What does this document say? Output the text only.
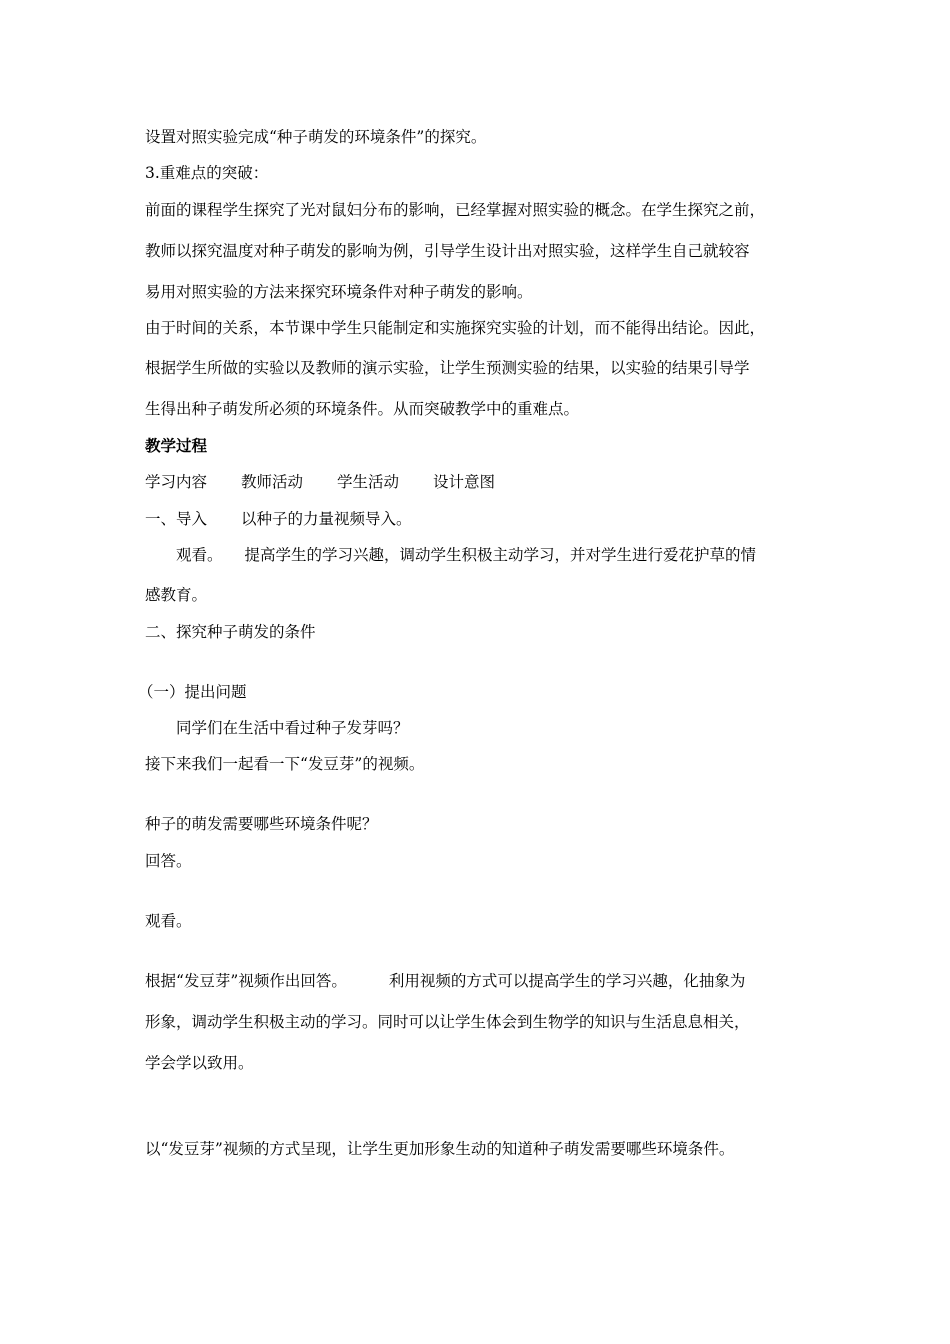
设置对照实验完成“种子萌发的环境条件”的探究。
3.重难点的突破：
前面的课程学生探究了光对鼠妇分布的影响，已经掌握对照实验的概念。在学生探究之前，
教师以探究温度对种子萌发的影响为例，引导学生设计出对照实验，这样学生自己就较容
易用对照实验的方法来探究环境条件对种子萌发的影响。
由于时间的关系，本节课中学生只能制定和实施探究实验的计划，而不能得出结论。因此，
根据学生所做的实验以及教师的演示实验，让学生预测实验的结果，以实验的结果引导学
生得出种子萌发所必须的环境条件。从而突破教学中的重难点。
教学过程
学习内容 教师活动 学生活动 设计意图
一、导入 以种子的力量视频导入。
观看。 提高学生的学习兴趣，调动学生积极主动学习，并对学生进行爱花护草的情
感教育。
二、探究种子萌发的条件
（一）提出问题
同学们在生活中看过种子发芽吗？
接下来我们一起看一下“发豆芽”的视频。
种子的萌发需要哪些环境条件呢？
回答。
观看。
根据“发豆芽”视频作出回答。	利用视频的方式可以提高学生的学习兴趣，化抽象为
形象，调动学生积极主动的学习。同时可以让学生体会到生物学的知识与生活息息相关，
学会学以致用。
以“发豆芽”视频的方式呈现，让学生更加形象生动的知道种子萌发需要哪些环境条件。
